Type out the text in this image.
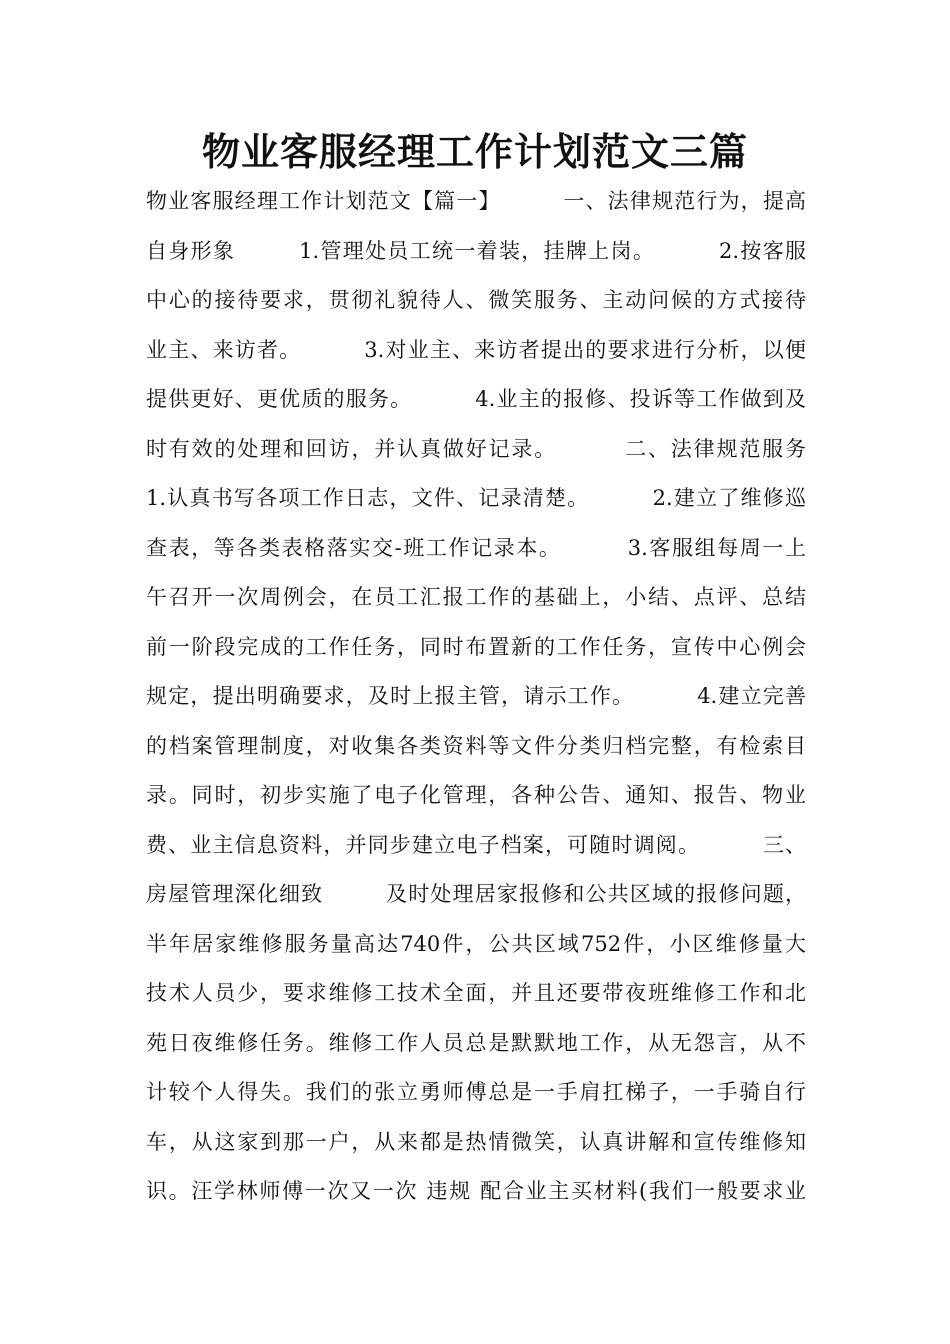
物业客服经理工作计划范文三篇
物业客服经理工作计划范文【篇一】        一、法律规范行为，提高
自身形象        1.管理处员工统一着装，挂牌上岗。        2.按客服
中心的接待要求，贯彻礼貌待人、微笑服务、主动问候的方式接待
业主、来访者。        3.对业主、来访者提出的要求进行分析，以便
提供更好、更优质的服务。        4.业主的报修、投诉等工作做到及
时有效的处理和回访，并认真做好记录。        二、法律规范服务
1.认真书写各项工作日志，文件、记录清楚。        2.建立了维修巡
查表，等各类表格落实交-班工作记录本。        3.客服组每周一上
午召开一次周例会，在员工汇报工作的基础上，小结、点评、总结
前一阶段完成的工作任务，同时布置新的工作任务，宣传中心例会
规定，提出明确要求，及时上报主管，请示工作。        4.建立完善
的档案管理制度，对收集各类资料等文件分类归档完整，有检索目
录。同时，初步实施了电子化管理，各种公告、通知、报告、物业
费、业主信息资料，并同步建立电子档案，可随时调阅。        三、
房屋管理深化细致        及时处理居家报修和公共区域的报修问题，
半年居家维修服务量高达740件，公共区域752件，小区维修量大
技术人员少，要求维修工技术全面，并且还要带夜班维修工作和北
苑日夜维修任务。维修工作人员总是默默地工作，从无怨言，从不
计较个人得失。我们的张立勇师傅总是一手肩扛梯子，一手骑自行
车，从这家到那一户，从来都是热情微笑，认真讲解和宣传维修知
识。汪学林师傅一次又一次 违规 配合业主买材料(我们一般要求业
